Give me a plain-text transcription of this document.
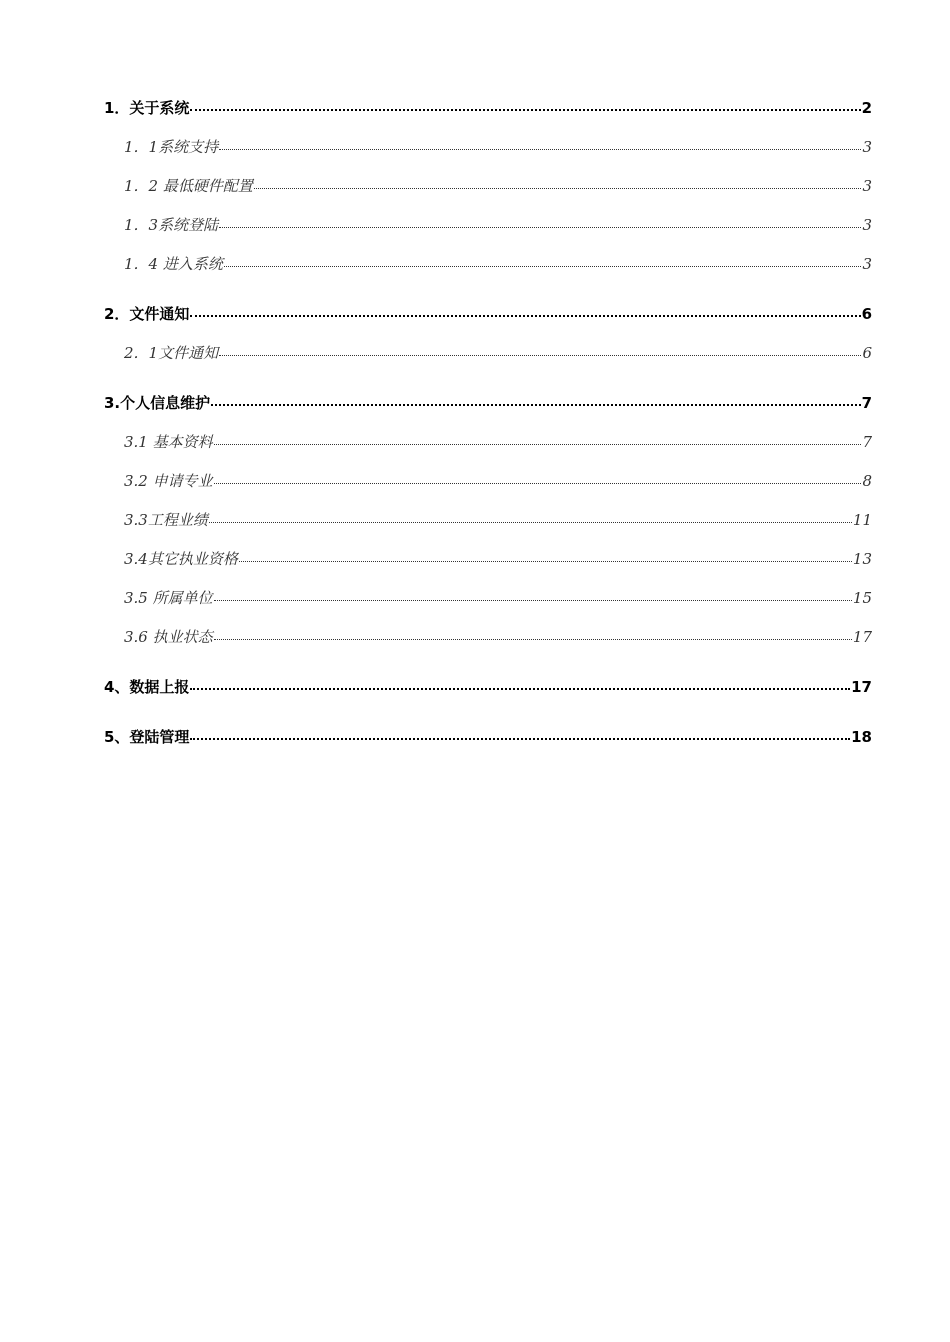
1．关于系统	2
1．1系统支持	3
1．2 最低硬件配置	3
1．3系统登陆	3
1．4 进入系统	3
2．文件通知	6
2．1文件通知	6
3.个人信息维护	7
3.1 基本资料	7
3.2 申请专业	8
3.3工程业绩	11
3.4其它执业资格	13
3.5 所属单位	15
3.6 执业状态	17
4、数据上报	17
5、登陆管理	18
